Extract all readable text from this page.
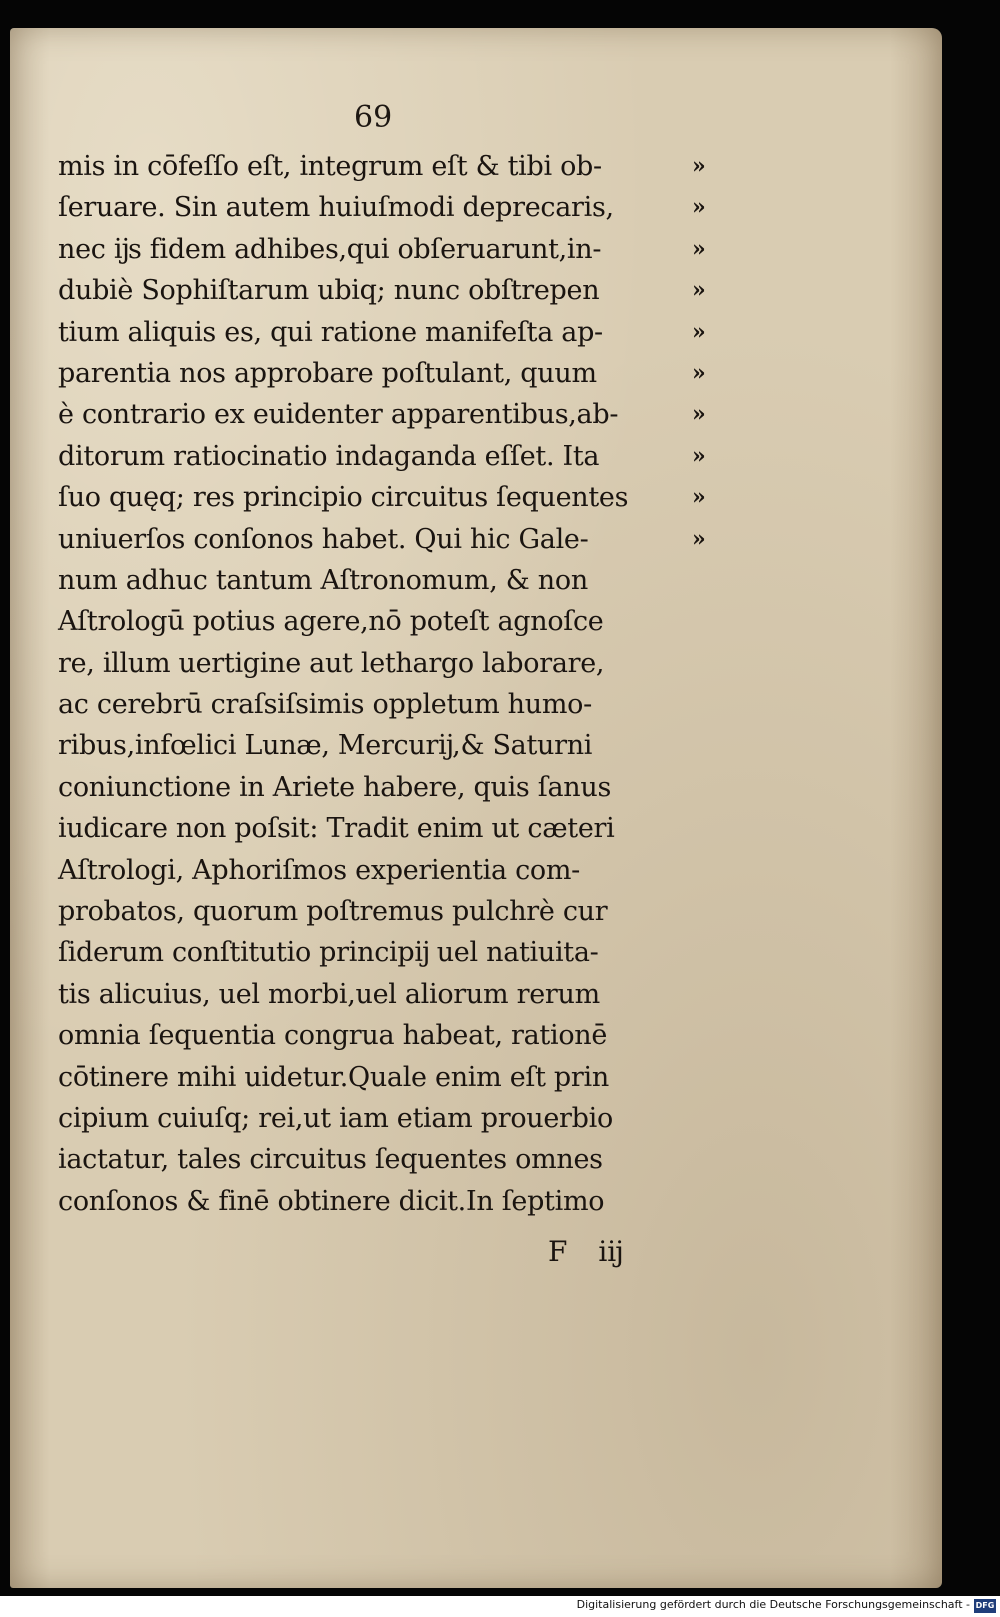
69
mis in cōfeſſo eſt, integrum eſt & tibi ob-
ſeruare. Sin autem huiuſmodi deprecaris,
nec ĳs fidem adhibes,qui obſeruarunt,in-
dubiè Sophiſtarum ubiq; nunc obſtrepen
tium aliquis es, qui ratione manifeſta ap-
parentia nos approbare poſtulant, quum
è contrario ex euidenter apparentibus,ab-
ditorum ratiocinatio indaganda eſſet. Ita
ſuo quęq; res principio circuitus ſequentes
uniuerſos conſonos habet. Qui hic Gale-
num adhuc tantum Aſtronomum, & non
Aſtrologū potius agere,nō poteſt agnoſce
re, illum uertigine aut lethargo laborare,
ac cerebrū craſsiſsimis oppletum humo-
ribus,infœlici Lunæ, Mercurĳ,& Saturni
coniunctione in Ariete habere, quis ſanus
iudicare non poſsit: Tradit enim ut cæteri
Aſtrologi, Aphoriſmos experientia com-
probatos, quorum poſtremus pulchrè cur
ſiderum conſtitutio principĳ uel natiuita-
tis alicuius, uel morbi,uel aliorum rerum
omnia ſequentia congrua habeat, rationē
cōtinere mihi uidetur.Quale enim eſt prin
cipium cuiuſq; rei,ut iam etiam prouerbio
iactatur, tales circuitus ſequentes omnes
conſonos & finē obtinere dicit.In ſeptimo
»
»
»
»
»
»
»
»
»
»
F iĳ
Digitalisierung gefördert durch die Deutsche Forschungsgemeinschaft - DFG
